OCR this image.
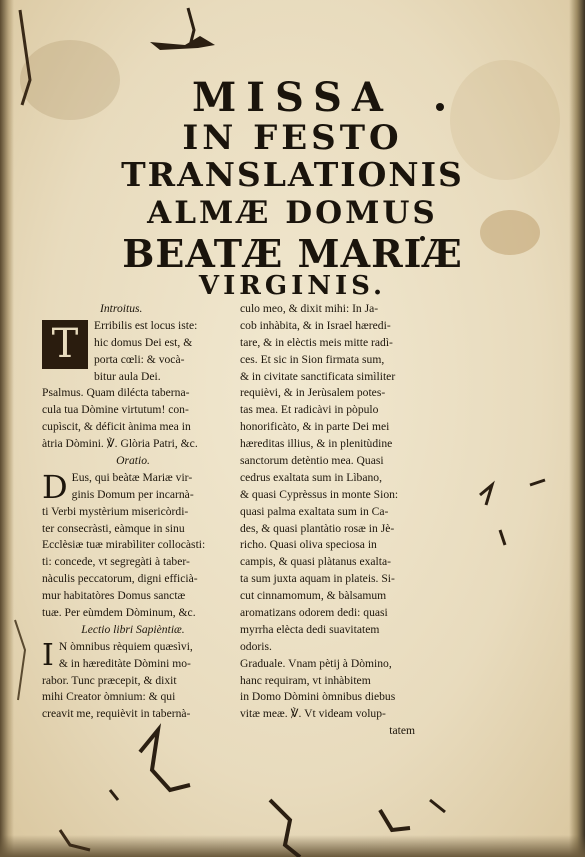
MISSA
IN FESTO
TRANSLATIONIS
ALMÆ DOMUS
BEATÆ MARIÆ
VIRGINIS.
Introitus.
T	Erribilis est locus iste:
hic domus Dei est, &
porta cœli: & vocà-
bitur aula Dei.
Psalmus. Quam dilécta taberna-
cula tua Dòmine virtutum! con-
cupìscit, & déficit ànima mea in
àtria Dòmini. ℣. Glòria Patri, &c.
Oratio.
D Eus, qui beàtæ Mariæ vir-
ginis Domum per incarnà-
ti Verbi mystèrium misericòrdi-
ter consecràsti, eàmque in sinu
Ecclèsiæ tuæ mirabìliter collocàsti:
ti: concede, vt segregàti à taber-
nàculis peccatorum, digni efficià-
mur habitatòres Domus sanctæ
tuæ. Per eùmdem Dòminum, &c.
Lectio libri Sapièntiæ.
I N òmnibus rèquiem quæsìvi,
& in hæreditàte Dòmini mo-
rabor. Tunc præcepit, & dixit
mihi Creator òmnium: & qui
creavit me, requièvit in tabernà-
culo meo, & dixit mihi: In Ja-
cob inhàbita, & in Israel hæredi-
tare, & in elèctis meis mitte radì-
ces. Et sic in Sion firmata sum,
& in civitate sanctificata simìliter
requièvi, & in Jerùsalem potes-
tas mea. Et radicàvi in pòpulo
honorificàto, & in parte Dei mei
hæreditas illius, & in plenitùdine
sanctorum detèntio mea. Quasi
cedrus exaltata sum in Lìbano,
& quasi Cyprèssus in monte Sion:
quasi palma exaltata sum in Ca-
des, & quasi plantàtio rosæ in Jè-
richo. Quasi oliva speciosa in
campis, & quasi plàtanus exalta-
ta sum juxta aquam in plateis. Si-
cut cinnamomum, & bàlsamum
aromatizans odorem dedi: quasi
myrrha elècta dedi suavitatem
odoris.
Graduale. Vnam pètij à Dòmino,
hanc requiram, vt inhàbitem
in Domo Dòmini òmnibus diebus
vitæ meæ. ℣. Vt videam volup-
tatem
